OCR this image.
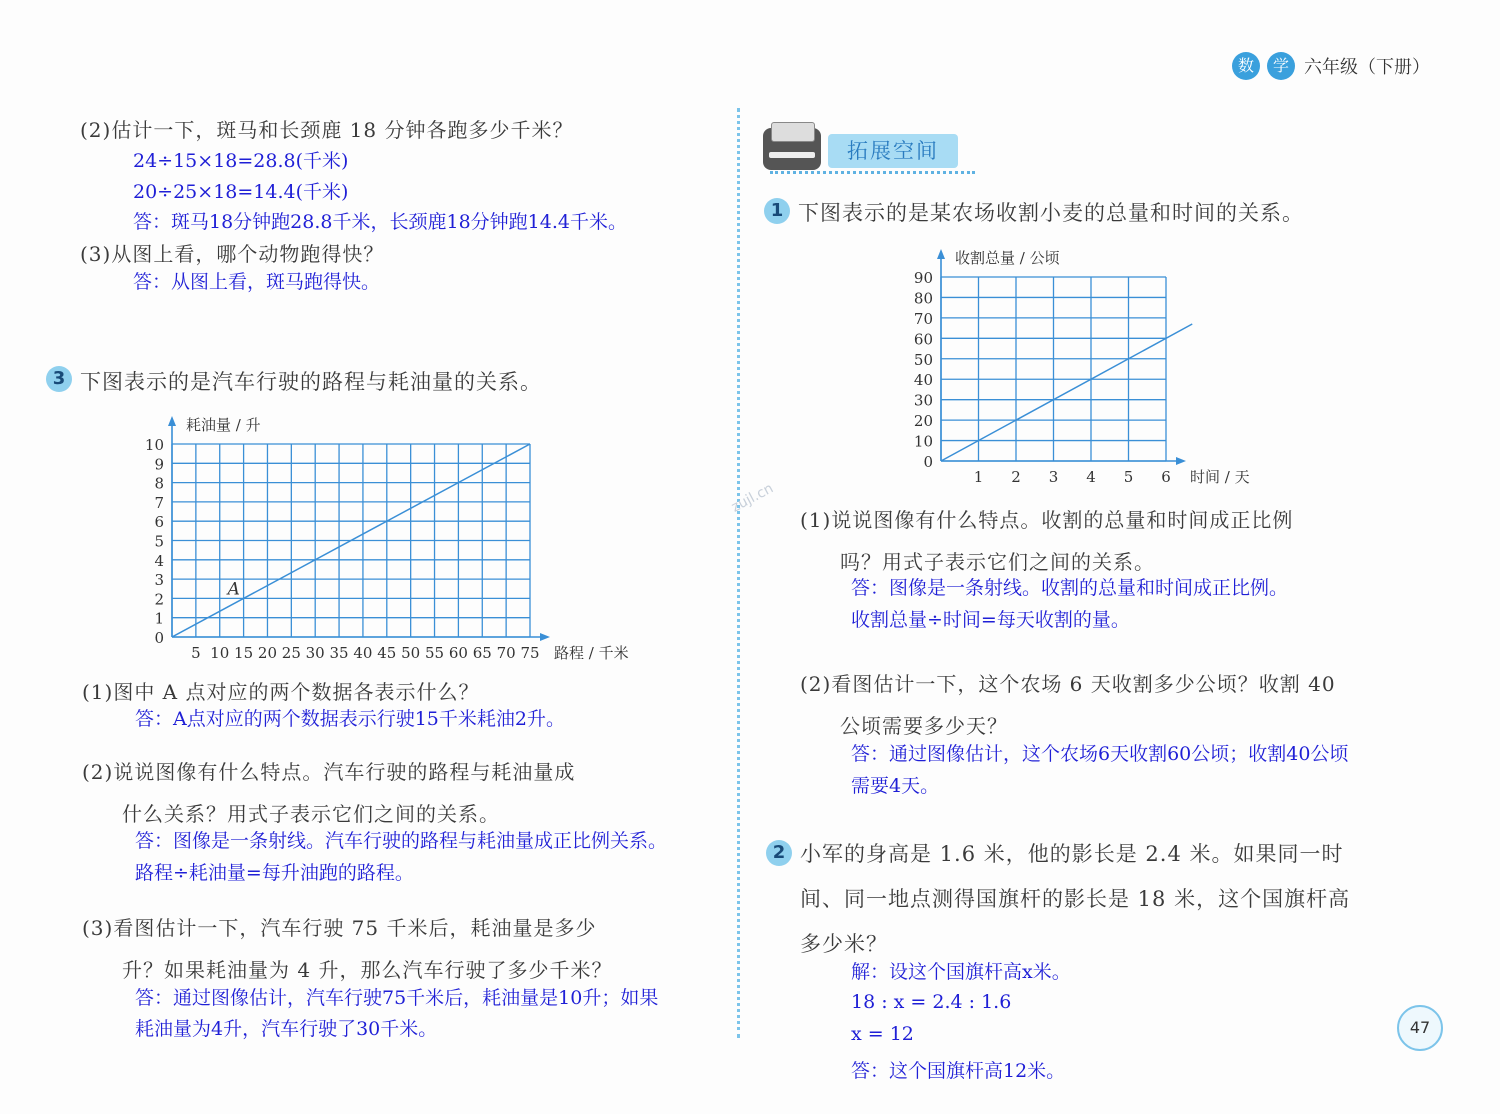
数	学 六年级（下册）
(2)估计一下，斑马和长颈鹿 18 分钟各跑多少千米？
24÷15×18=28.8(千米)
20÷25×18=14.4(千米)
答：斑马18分钟跑28.8千米，长颈鹿18分钟跑14.4千米。
(3)从图上看，哪个动物跑得快？
答：从图上看，斑马跑得快。
3 下图表示的是汽车行驶的路程与耗油量的关系。
0
1
2
3
4
5
6
7
8
9
10
5 10 15 20 25 30 35 40 45 50 55 60 65 70 75
耗油量 / 升
路程 / 千米
A
(1)图中 A 点对应的两个数据各表示什么？
答：A点对应的两个数据表示行驶15千米耗油2升。
(2)说说图像有什么特点。汽车行驶的路程与耗油量成
什么关系？用式子表示它们之间的关系。
答：图像是一条射线。汽车行驶的路程与耗油量成正比例关系。
路程÷耗油量=每升油跑的路程。
(3)看图估计一下，汽车行驶 75 千米后，耗油量是多少
升？如果耗油量为 4 升，那么汽车行驶了多少千米？
答：通过图像估计，汽车行驶75千米后，耗油量是10升；如果
耗油量为4升，汽车行驶了30千米。
拓展空间
1 下图表示的是某农场收割小麦的总量和时间的关系。
0
10
20
30
40
50
60
70
80
90
1 2 3 4 5 6
收割总量 / 公顷
时间 / 天
(1)说说图像有什么特点。收割的总量和时间成正比例
吗？用式子表示它们之间的关系。
答：图像是一条射线。收割的总量和时间成正比例。
收割总量÷时间=每天收割的量。
(2)看图估计一下，这个农场 6 天收割多少公顷？收割 40
公顷需要多少天？
答：通过图像估计，这个农场6天收割60公顷；收割40公顷
需要4天。
2 小军的身高是 1.6 米，他的影长是 2.4 米。如果同一时
间、同一地点测得国旗杆的影长是 18 米，这个国旗杆高
多少米？
解：设这个国旗杆高x米。
18 : x = 2.4 : 1.6
x = 12
答：这个国旗杆高12米。
zujl.cn
47
